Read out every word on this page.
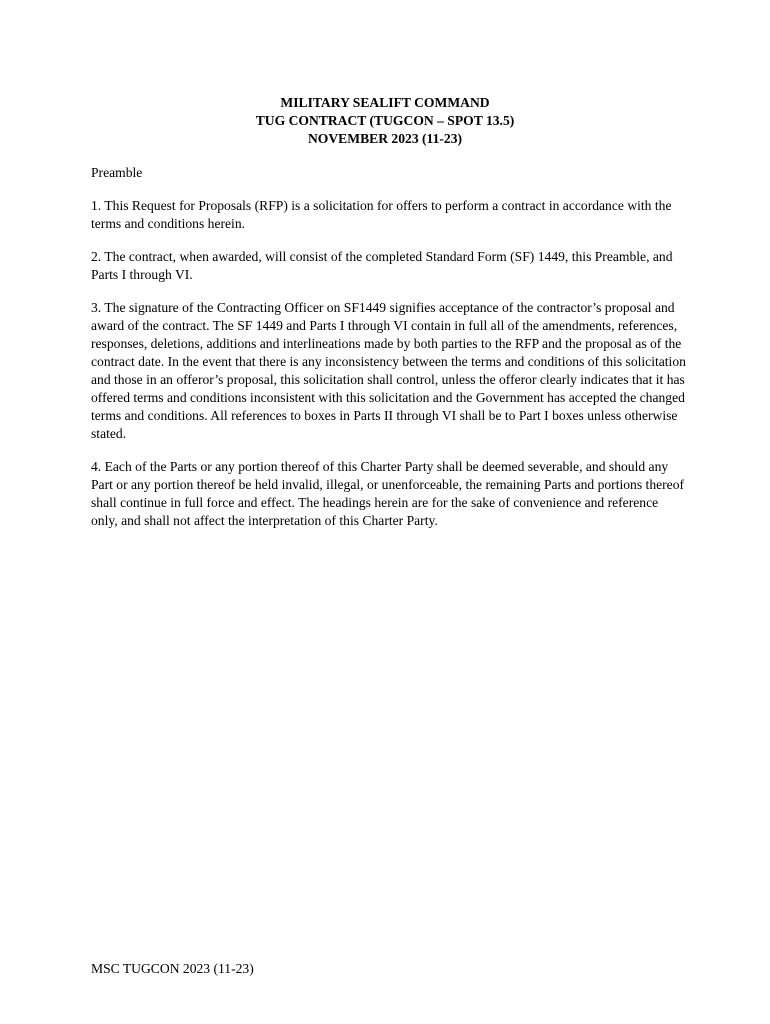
MILITARY SEALIFT COMMAND
TUG CONTRACT (TUGCON – SPOT 13.5)
NOVEMBER 2023 (11-23)

Preamble

1. This Request for Proposals (RFP) is a solicitation for offers to perform a contract in accordance with the terms and conditions herein.

2. The contract, when awarded, will consist of the completed Standard Form (SF) 1449, this Preamble, and Parts I through VI.

3. The signature of the Contracting Officer on SF1449 signifies acceptance of the contractor’s proposal and award of the contract. The SF 1449 and Parts I through VI contain in full all of the amendments, references, responses, deletions, additions and interlineations made by both parties to the RFP and the proposal as of the contract date. In the event that there is any inconsistency between the terms and conditions of this solicitation and those in an offeror’s proposal, this solicitation shall control, unless the offeror clearly indicates that it has offered terms and conditions inconsistent with this solicitation and the Government has accepted the changed terms and conditions. All references to boxes in Parts II through VI shall be to Part I boxes unless otherwise stated.

4. Each of the Parts or any portion thereof of this Charter Party shall be deemed severable, and should any Part or any portion thereof be held invalid, illegal, or unenforceable, the remaining Parts and portions thereof shall continue in full force and effect. The headings herein are for the sake of convenience and reference only, and shall not affect the interpretation of this Charter Party.

MSC TUGCON 2023 (11-23)
